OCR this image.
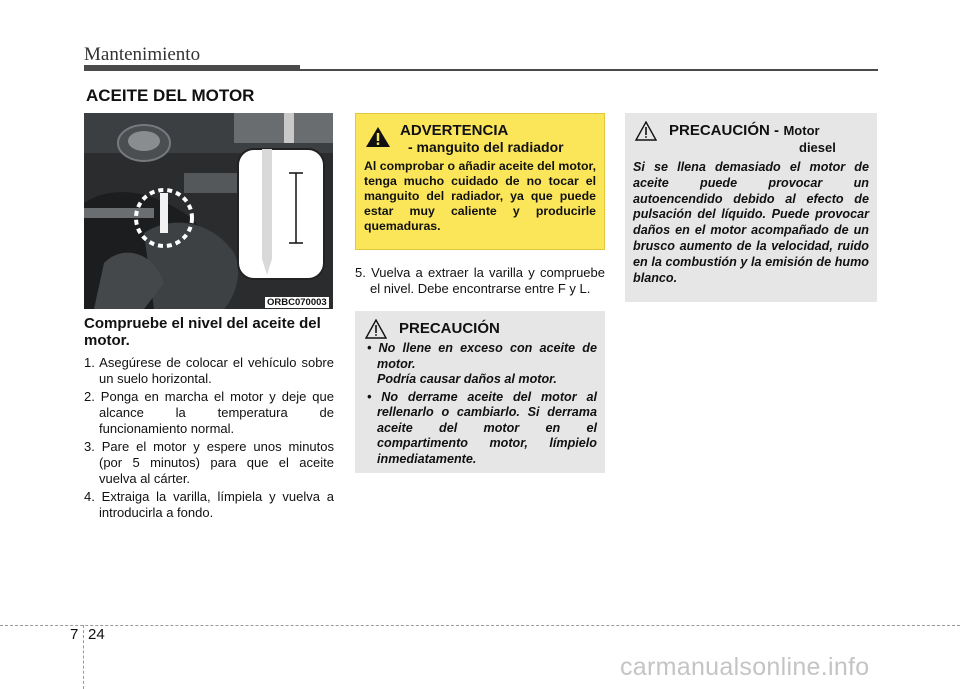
Mantenimiento
ACEITE DEL MOTOR
ORBC070003

Compruebe el nivel del aceite del motor.

1. Asegúrese de colocar el vehículo sobre un suelo horizontal.
2. Ponga en marcha el motor y deje que alcance la temperatura de funcionamiento normal.
3. Pare el motor y espere unos minutos (por 5 minutos) para que el aceite vuelva al cárter.
4. Extraiga la varilla, límpiela y vuelva a introducirla a fondo.
ADVERTENCIA
- manguito del radiador
Al comprobar o añadir aceite del motor, tenga mucho cuidado de no tocar el manguito del radiador, ya que puede estar muy caliente y producirle quemaduras.
5. Vuelva a extraer la varilla y compruebe el nivel. Debe encontrarse entre F y L.
PRECAUCIÓN
• No llene en exceso con aceite de motor.
Podría causar daños al motor.
• No derrame aceite del motor al rellenarlo o cambiarlo. Si derrama aceite del motor en el compartimento motor, límpielo inmediatamente.
PRECAUCIÓN - Motor
diesel
Si se llena demasiado el motor de aceite puede provocar un autoencendido debido al efecto de pulsación del líquido. Puede provocar daños en el motor acompañado de un brusco aumento de la velocidad, ruido en la combustión y la emisión de humo blanco.
7 24
carmanualsonline.info
